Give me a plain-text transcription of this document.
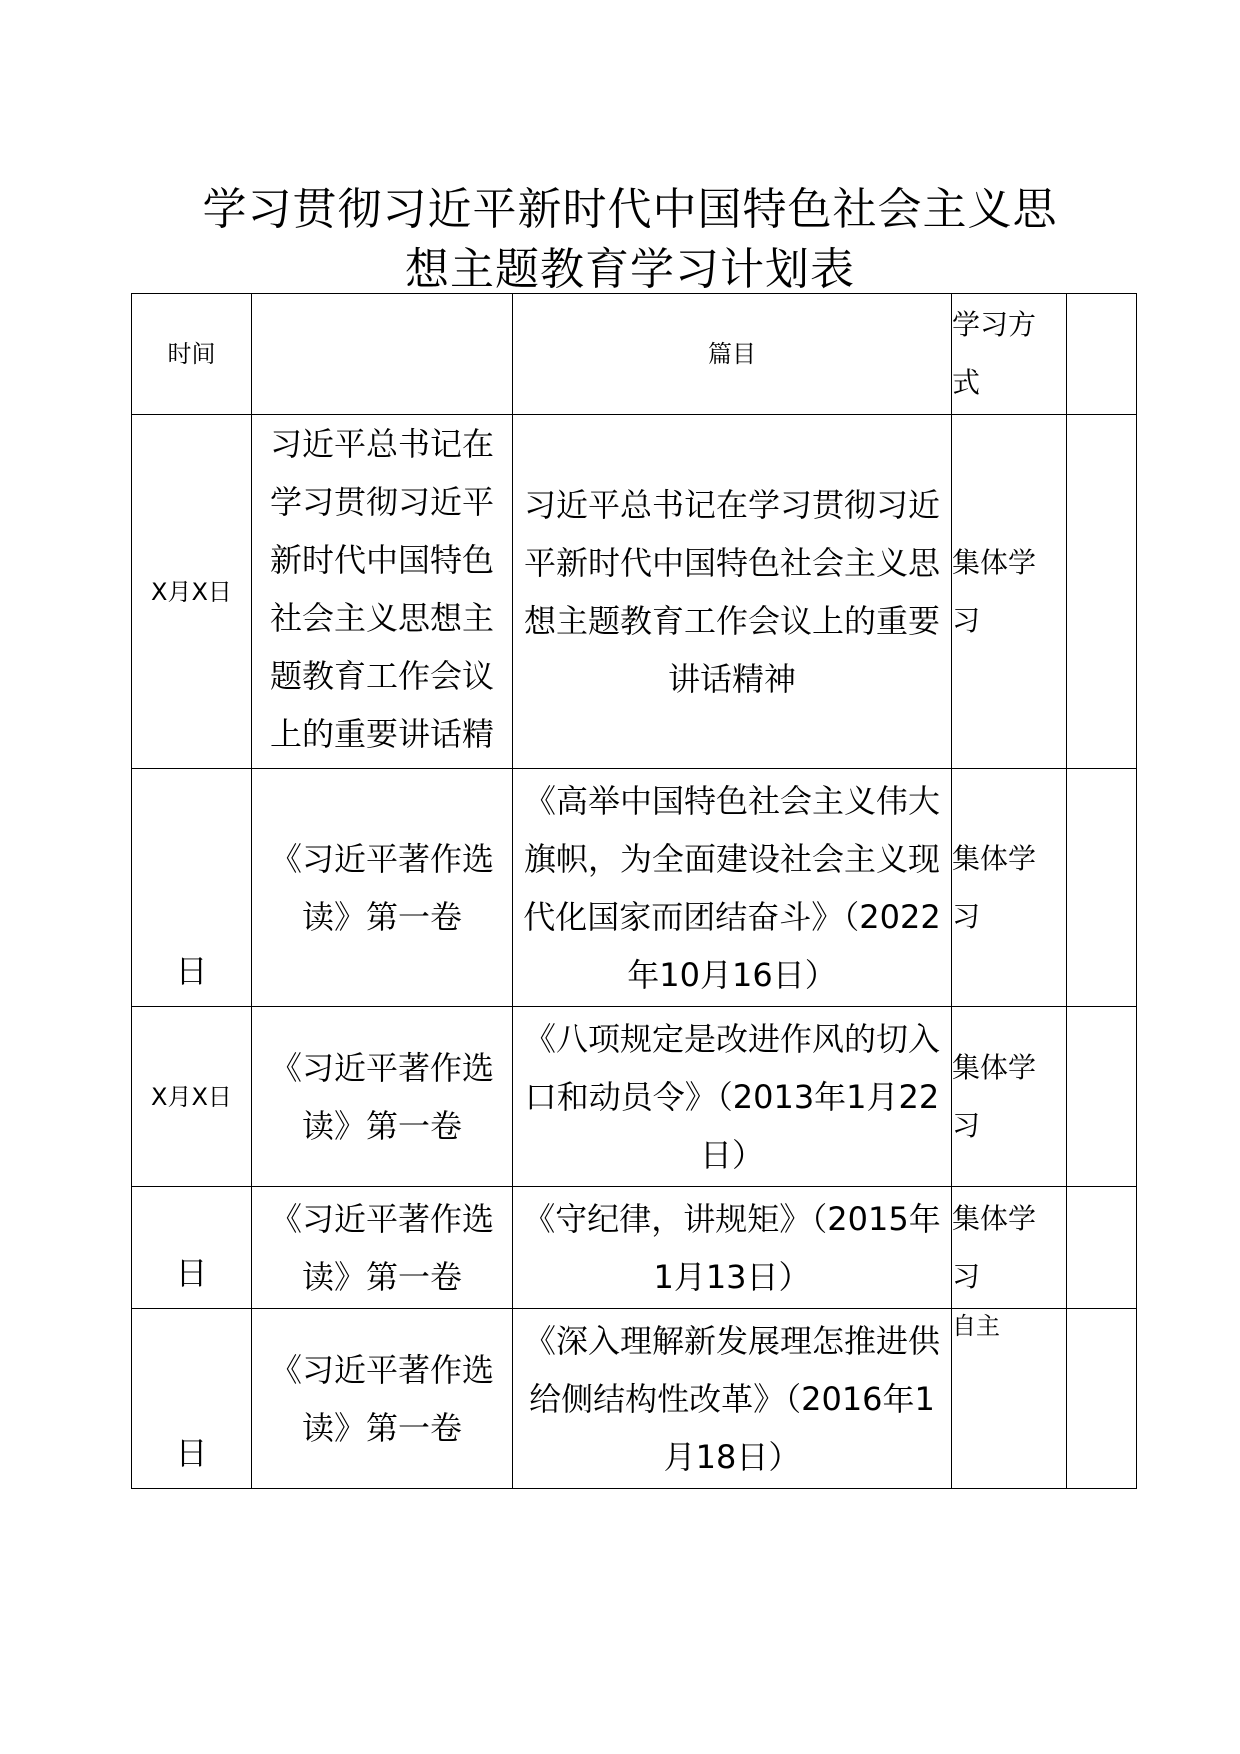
学习贯彻习近平新时代中国特色社会主义思
想主题教育学习计划表
时间		篇目	学习方式	
X月X日	习近平总书记在学习贯彻习近平新时代中国特色社会主义思想主题教育工作会议上的重要讲话精	习近平总书记在学习贯彻习近平新时代中国特色社会主义思想主题教育工作会议上的重要讲话精神	集体学习	
日	《习近平著作选读》第一卷	《高举中国特色社会主义伟大旗帜，为全面建设社会主义现代化国家而团结奋斗》（2022年10月16日）	集体学习	
X月X日	《习近平著作选读》第一卷	《八项规定是改进作风的切入口和动员令》（2013年1月22日）	集体学习	
日	《习近平著作选读》第一卷	《守纪律，讲规矩》（2015年1月13日）	集体学习	
日	《习近平著作选读》第一卷	《深入理解新发展理怎推进供给侧结构性改革》（2016年1月18日）	自主	
